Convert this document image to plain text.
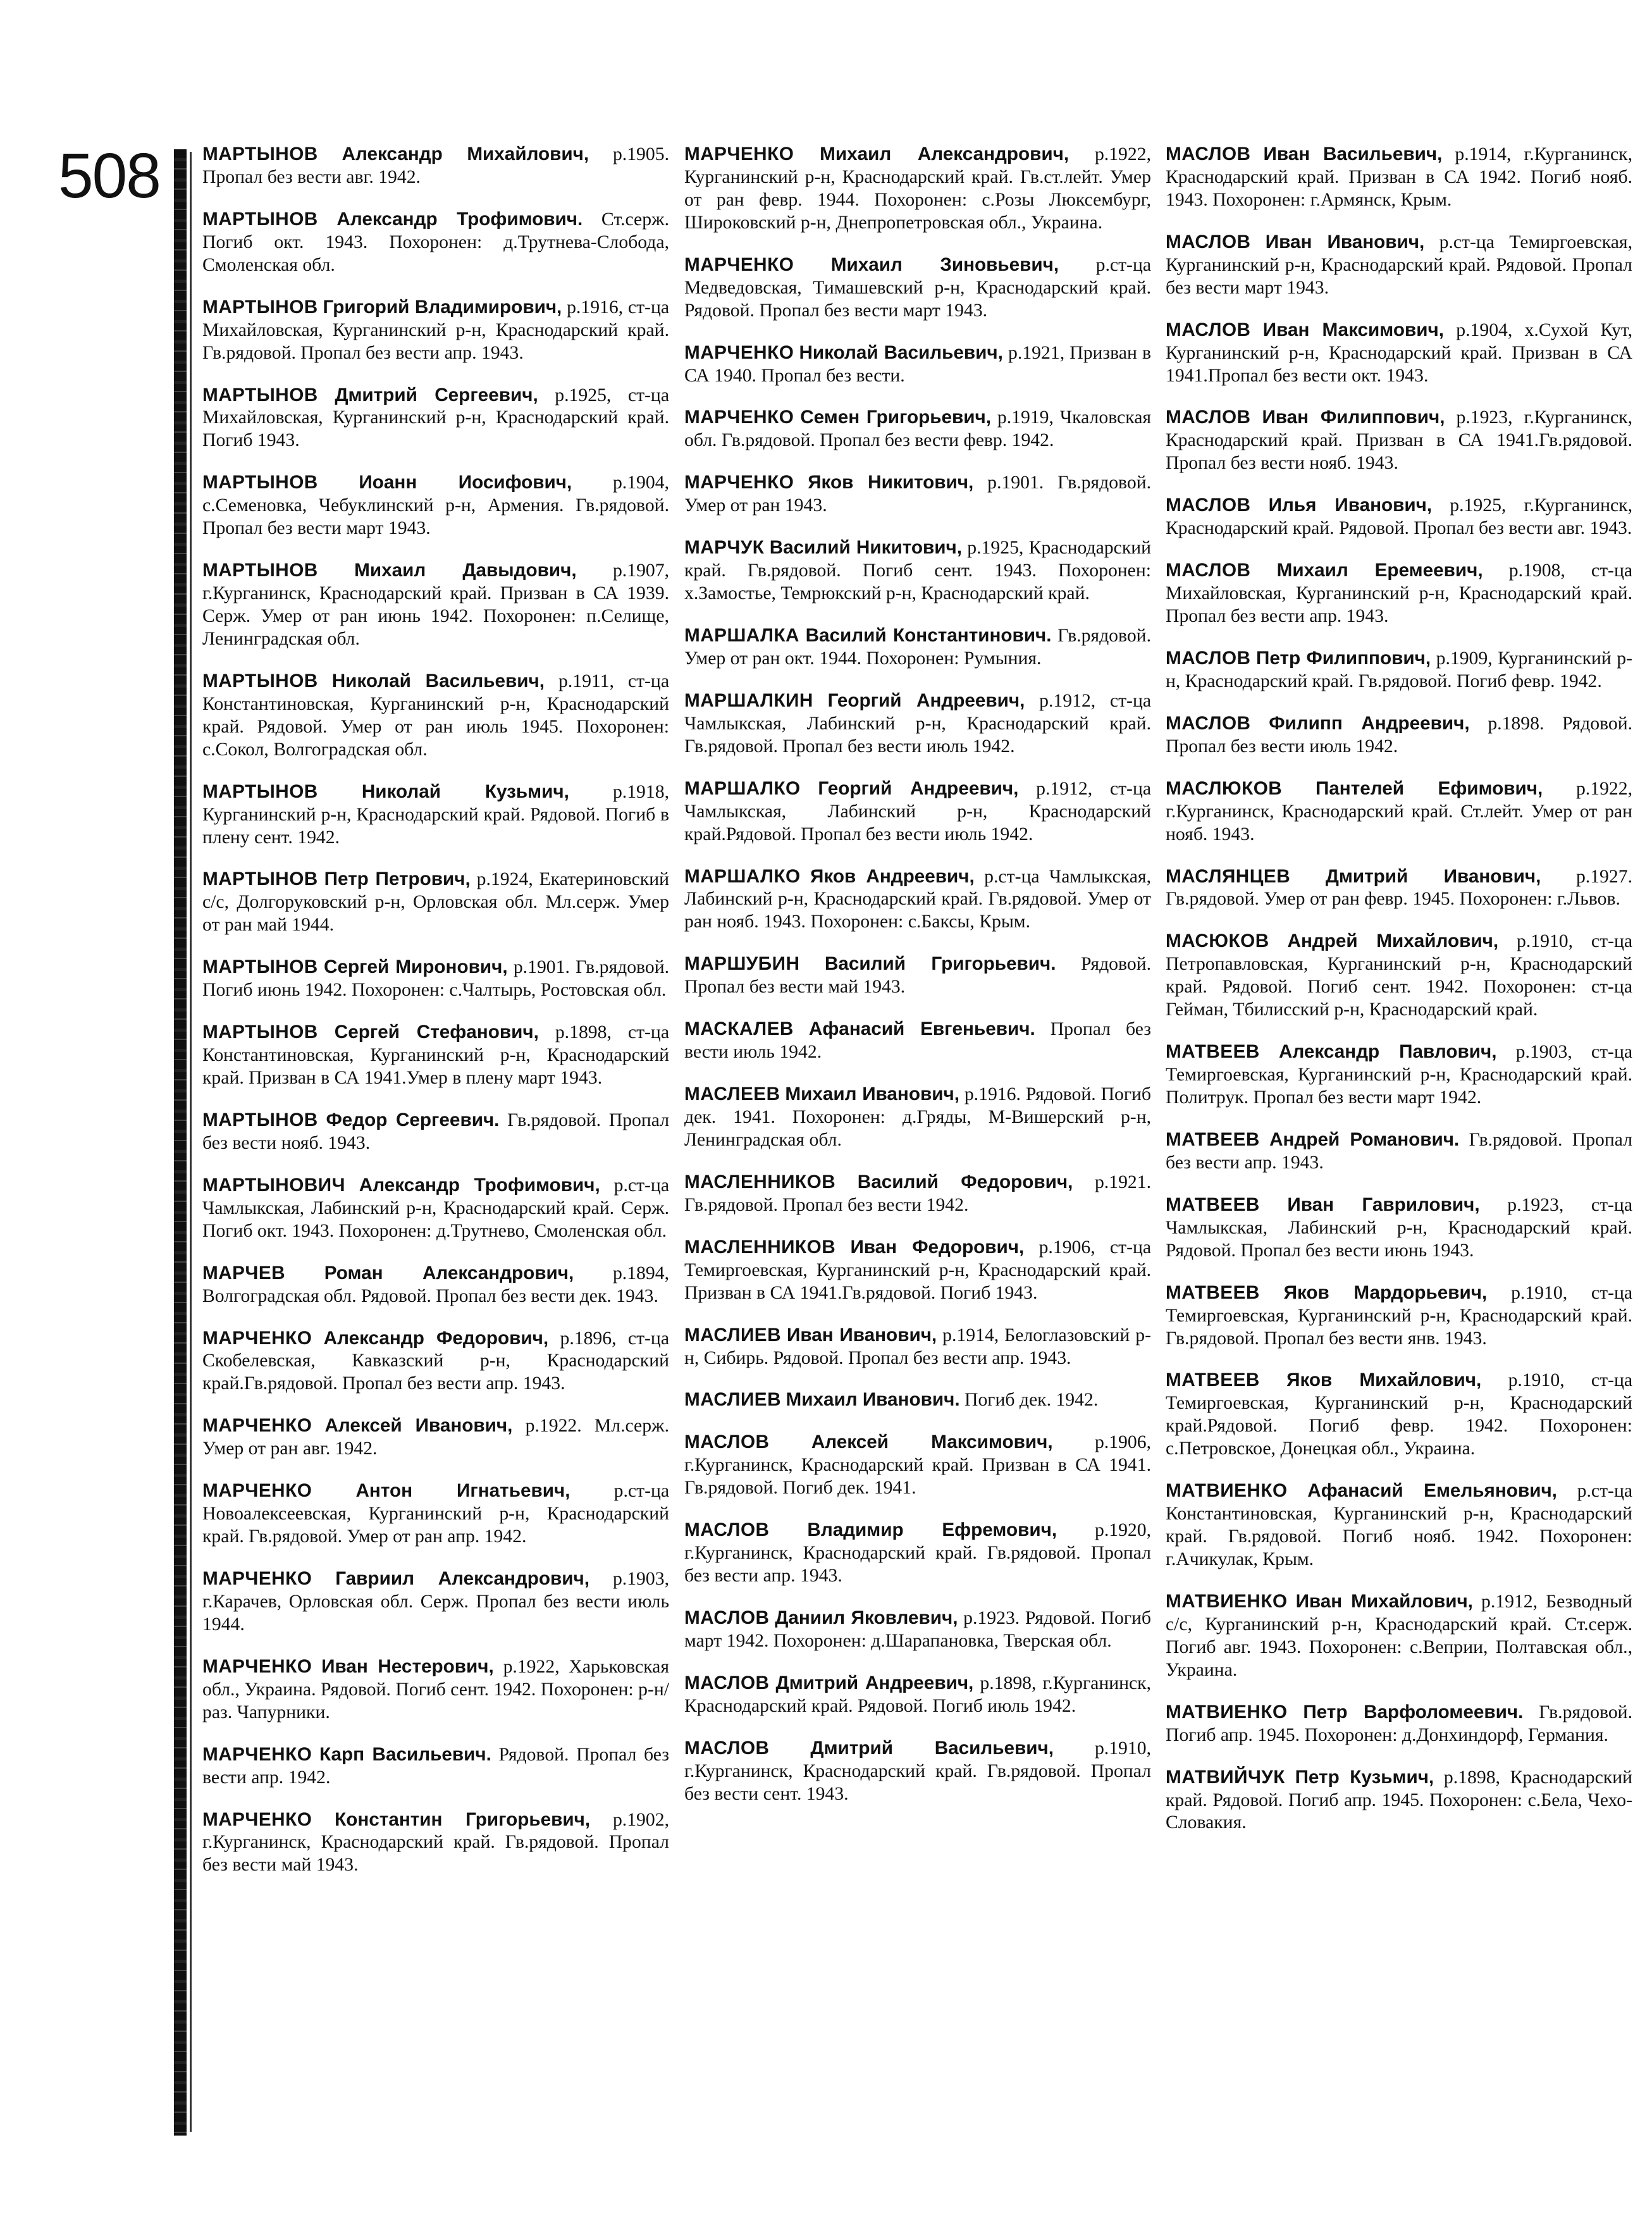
508 МАРТЫНОВ Александр Михайлович, р.1905. Пропал без вести авг. 1942.

МАРТЫНОВ Александр Трофимович. Ст.серж. Погиб окт. 1943. Похоронен: д.Трутнева-Слобода, Смоленская обл.

МАРТЫНОВ Григорий Владимирович, р.1916, ст-ца Михайловская, Курганинский р-н, Краснодарский край. Гв.рядовой. Пропал без вести апр. 1943.

МАРТЫНОВ Дмитрий Сергеевич, р.1925, ст-ца Михайловская, Курганинский р-н, Краснодарский край. Погиб 1943.

МАРТЫНОВ Иоанн Иосифович, р.1904, с.Семеновка, Чебуклинский р-н, Армения. Гв.рядовой. Пропал без вести март 1943.

МАРТЫНОВ Михаил Давыдович, р.1907, г.Курганинск, Краснодарский край. Призван в СА 1939. Серж. Умер от ран июнь 1942. Похоронен: п.Селище, Ленинградская обл.

МАРТЫНОВ Николай Васильевич, р.1911, ст-ца Константиновская, Курганинский р-н, Краснодарский край. Рядовой. Умер от ран июль 1945. Похоронен: с.Сокол, Волгоградская обл.

МАРТЫНОВ Николай Кузьмич, р.1918, Курганинский р-н, Краснодарский край. Рядовой. Погиб в плену сент. 1942.

МАРТЫНОВ Петр Петрович, р.1924, Екатериновский с/с, Долгоруковский р-н, Орловская обл. Мл.серж. Умер от ран май 1944.

МАРТЫНОВ Сергей Миронович, р.1901. Гв.рядовой. Погиб июнь 1942. Похоронен: с.Чалтырь, Ростовская обл.

МАРТЫНОВ Сергей Стефанович, р.1898, ст-ца Константиновская, Курганинский р-н, Краснодарский край. Призван в СА 1941.Умер в плену март 1943.

МАРТЫНОВ Федор Сергеевич. Гв.рядовой. Пропал без вести нояб. 1943.

МАРТЫНОВИЧ Александр Трофимович, р.ст-ца Чамлыкская, Лабинский р-н, Краснодарский край. Серж. Погиб окт. 1943. Похоронен: д.Трутнево, Смоленская обл.

МАРЧЕВ Роман Александрович, р.1894, Волгоградская обл. Рядовой. Пропал без вести дек. 1943.

МАРЧЕНКО Александр Федорович, р.1896, ст-ца Скобелевская, Кавказский р-н, Краснодарский край.Гв.рядовой. Пропал без вести апр. 1943.

МАРЧЕНКО Алексей Иванович, р.1922. Мл.серж. Умер от ран авг. 1942.

МАРЧЕНКО Антон Игнатьевич, р.ст-ца Новоалексеевская, Курганинский р-н, Краснодарский край. Гв.рядовой. Умер от ран апр. 1942.

МАРЧЕНКО Гавриил Александрович, р.1903, г.Карачев, Орловская обл. Серж. Пропал без вести июль 1944.

МАРЧЕНКО Иван Нестерович, р.1922, Харьковская обл., Украина. Рядовой. Погиб сент. 1942. Похоронен: р-н/раз. Чапурники.

МАРЧЕНКО Карп Васильевич. Рядовой. Пропал без вести апр. 1942.

МАРЧЕНКО Константин Григорьевич, р.1902, г.Курганинск, Краснодарский край. Гв.рядовой. Пропал без вести май 1943.

МАРЧЕНКО Михаил Александрович, р.1922, Курганинский р-н, Краснодарский край. Гв.ст.лейт. Умер от ран февр. 1944. Похоронен: с.Розы Люксембург, Широковский р-н, Днепропетровская обл., Украина.

МАРЧЕНКО Михаил Зиновьевич, р.ст-ца Медведовская, Тимашевский р-н, Краснодарский край. Рядовой. Пропал без вести март 1943.

МАРЧЕНКО Николай Васильевич, р.1921, Призван в СА 1940. Пропал без вести.

МАРЧЕНКО Семен Григорьевич, р.1919, Чкаловская обл. Гв.рядовой. Пропал без вести февр. 1942.

МАРЧЕНКО Яков Никитович, р.1901. Гв.рядовой. Умер от ран 1943.

МАРЧУК Василий Никитович, р.1925, Краснодарский край. Гв.рядовой. Погиб сент. 1943. Похоронен: х.Замостье, Темрюкский р-н, Краснодарский край.

МАРШАЛКА Василий Константинович. Гв.рядовой. Умер от ран окт. 1944. Похоронен: Румыния.

МАРШАЛКИН Георгий Андреевич, р.1912, ст-ца Чамлыкская, Лабинский р-н, Краснодарский край. Гв.рядовой. Пропал без вести июль 1942.

МАРШАЛКО Георгий Андреевич, р.1912, ст-ца Чамлыкская, Лабинский р-н, Краснодарский край.Рядовой. Пропал без вести июль 1942.

МАРШАЛКО Яков Андреевич, р.ст-ца Чамлыкская, Лабинский р-н, Краснодарский край. Гв.рядовой. Умер от ран нояб. 1943. Похоронен: с.Баксы, Крым.

МАРШУБИН Василий Григорьевич. Рядовой. Пропал без вести май 1943.

МАСКАЛЕВ Афанасий Евгеньевич. Пропал без вести июль 1942.

МАСЛЕЕВ Михаил Иванович, р.1916. Рядовой. Погиб дек. 1941. Похоронен: д.Гряды, М-Вишерский р-н, Ленинградская обл.

МАСЛЕННИКОВ Василий Федорович, р.1921. Гв.рядовой. Пропал без вести 1942.

МАСЛЕННИКОВ Иван Федорович, р.1906, ст-ца Темиргоевская, Курганинский р-н, Краснодарский край. Призван в СА 1941.Гв.рядовой. Погиб 1943.

МАСЛИЕВ Иван Иванович, р.1914, Белоглазовский р-н, Сибирь. Рядовой. Пропал без вести апр. 1943.

МАСЛИЕВ Михаил Иванович. Погиб дек. 1942.

МАСЛОВ Алексей Максимович, р.1906, г.Курганинск, Краснодарский край. Призван в СА 1941. Гв.рядовой. Погиб дек. 1941.

МАСЛОВ Владимир Ефремович, р.1920, г.Курганинск, Краснодарский край. Гв.рядовой. Пропал без вести апр. 1943.

МАСЛОВ Даниил Яковлевич, р.1923. Рядовой. Погиб март 1942. Похоронен: д.Шарапановка, Тверская обл.

МАСЛОВ Дмитрий Андреевич, р.1898, г.Курганинск, Краснодарский край. Рядовой. Погиб июль 1942.

МАСЛОВ Дмитрий Васильевич, р.1910, г.Курганинск, Краснодарский край. Гв.рядовой. Пропал без вести сент. 1943.

МАСЛОВ Иван Васильевич, р.1914, г.Курганинск, Краснодарский край. Призван в СА 1942. Погиб нояб. 1943. Похоронен: г.Армянск, Крым.

МАСЛОВ Иван Иванович, р.ст-ца Темиргоевская, Курганинский р-н, Краснодарский край. Рядовой. Пропал без вести март 1943.

МАСЛОВ Иван Максимович, р.1904, х.Сухой Кут, Курганинский р-н, Краснодарский край. Призван в СА 1941.Пропал без вести окт. 1943.

МАСЛОВ Иван Филиппович, р.1923, г.Курганинск, Краснодарский край. Призван в СА 1941.Гв.рядовой. Пропал без вести нояб. 1943.

МАСЛОВ Илья Иванович, р.1925, г.Курганинск, Краснодарский край. Рядовой. Пропал без вести авг. 1943.

МАСЛОВ Михаил Еремеевич, р.1908, ст-ца Михайловская, Курганинский р-н, Краснодарский край. Пропал без вести апр. 1943.

МАСЛОВ Петр Филиппович, р.1909, Курганинский р-н, Краснодарский край. Гв.рядовой. Погиб февр. 1942.

МАСЛОВ Филипп Андреевич, р.1898. Рядовой. Пропал без вести июль 1942.

МАСЛЮКОВ Пантелей Ефимович, р.1922, г.Курганинск, Краснодарский край. Ст.лейт. Умер от ран нояб. 1943.

МАСЛЯНЦЕВ Дмитрий Иванович, р.1927. Гв.рядовой. Умер от ран февр. 1945. Похоронен: г.Львов.

МАСЮКОВ Андрей Михайлович, р.1910, ст-ца Петропавловская, Курганинский р-н, Краснодарский край. Рядовой. Погиб сент. 1942. Похоронен: ст-ца Гейман, Тбилисский р-н, Краснодарский край.

МАТВЕЕВ Александр Павлович, р.1903, ст-ца Темиргоевская, Курганинский р-н, Краснодарский край. Политрук. Пропал без вести март 1942.

МАТВЕЕВ Андрей Романович. Гв.рядовой. Пропал без вести апр. 1943.

МАТВЕЕВ Иван Гаврилович, р.1923, ст-ца Чамлыкская, Лабинский р-н, Краснодарский край. Рядовой. Пропал без вести июнь 1943.

МАТВЕЕВ Яков Мардорьевич, р.1910, ст-ца Темиргоевская, Курганинский р-н, Краснодарский край. Гв.рядовой. Пропал без вести янв. 1943.

МАТВЕЕВ Яков Михайлович, р.1910, ст-ца Темиргоевская, Курганинский р-н, Краснодарский край.Рядовой. Погиб февр. 1942. Похоронен: с.Петровское, Донецкая обл., Украина.

МАТВИЕНКО Афанасий Емельянович, р.ст-ца Константиновская, Курганинский р-н, Краснодарский край. Гв.рядовой. Погиб нояб. 1942. Похоронен: г.Ачикулак, Крым.

МАТВИЕНКО Иван Михайлович, р.1912, Безводный с/с, Курганинский р-н, Краснодарский край. Ст.серж. Погиб авг. 1943. Похоронен: с.Веприи, Полтавская обл., Украина.

МАТВИЕНКО Петр Варфоломеевич. Гв.рядовой. Погиб апр. 1945. Похоронен: д.Донхиндорф, Германия.

МАТВИЙЧУК Петр Кузьмич, р.1898, Краснодарский край. Рядовой. Погиб апр. 1945. Похоронен: с.Бела, Чехо-Словакия.
